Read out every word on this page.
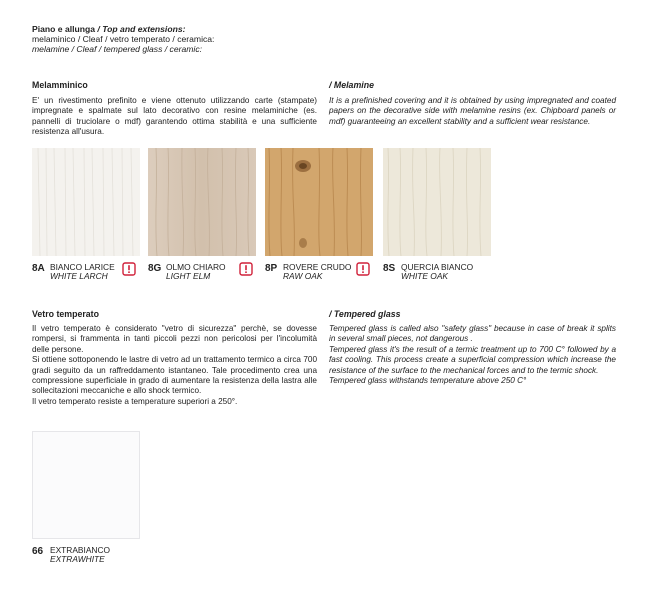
Piano e allunga / Top and extensions:
melaminico / Cleaf / vetro temperato / ceramica:
melamine / Cleaf / tempered glass / ceramic:
Melamminico	/ Melamine
E' un rivestimento prefinito e viene ottenuto utilizzando carte (stampate) impregnate e spalmate sul lato decorativo con resine melaminiche (es. pannelli di truciolare o mdf) garantendo ottima stabilità e una sufficiente resistenza all'usura.
It is a prefinished covering and it is obtained by using impregnated and coated papers on the decorative side with melamine resins (ex. Chipboard panels or mdf) guaranteeing an excellent stability and a sufficient wear resistance.
8A BIANCO LARICE
WHITE LARCH
8G OLMO CHIARO
LIGHT ELM
8P ROVERE CRUDO
RAW OAK
8S QUERCIA BIANCO
WHITE OAK
Vetro temperato	/ Tempered glass
Il vetro temperato è considerato "vetro di sicurezza" perchè, se dovesse rompersi, si frammenta in tanti piccoli pezzi non pericolosi per l'incolumità delle persone.
Si ottiene sottoponendo le lastre di vetro ad un trattamento termico a circa 700 gradi seguito da un raffreddamento istantaneo. Tale procedimento crea una compressione superficiale in grado di aumentare la resistenza della lastra alle sollecitazioni meccaniche e allo shock termico.
Il vetro temperato resiste a temperature superiori a 250°.
Tempered glass is called also "safety glass" because in case of break it splits in several small pieces, not dangerous .
Tempered glass it's the result of a termic treatment up to 700 C° followed by a fast cooling. This process create a superficial compression which increase the resistance of the surface to the mechanical forces and to the termic shock.
Tempered glass withstands temperature above 250 C°
66 EXTRABIANCO
EXTRAWHITE
